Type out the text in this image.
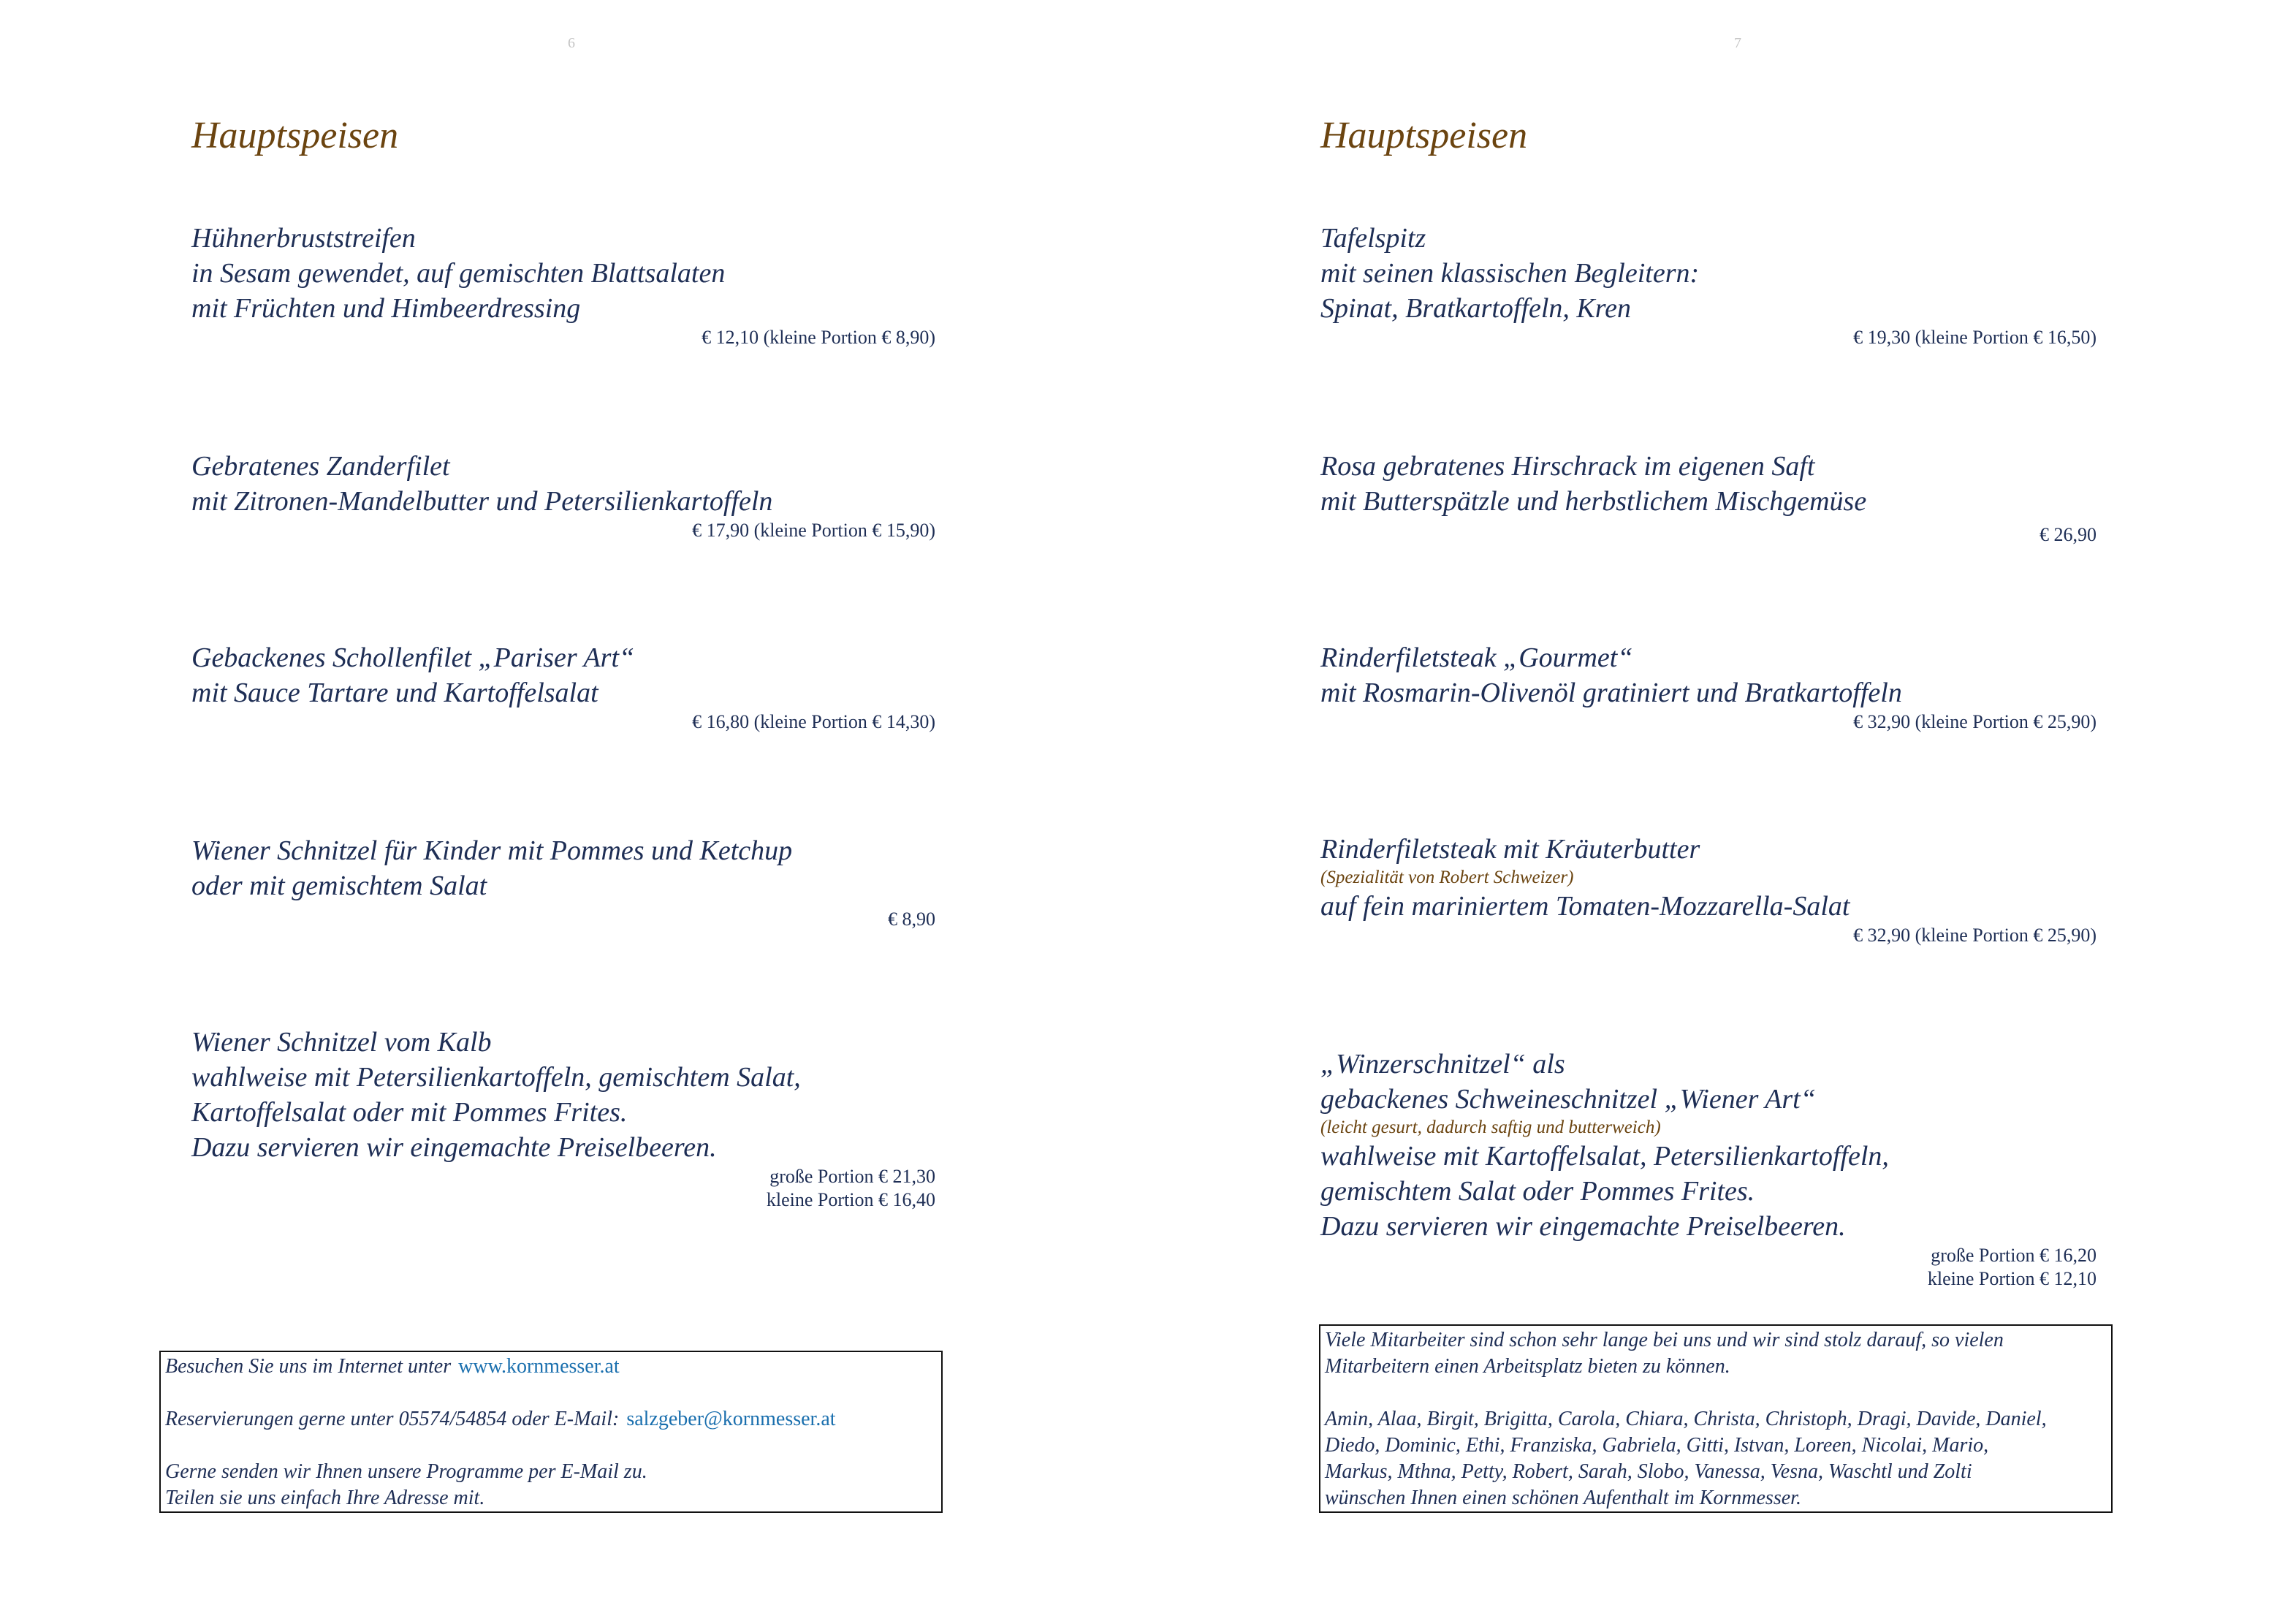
6
Hauptspeisen
Hühnerbruststreifen
in Sesam gewendet, auf gemischten Blattsalaten
mit Früchten und Himbeerdressing
€ 12,10 (kleine Portion € 8,90)
Gebratenes Zanderfilet
mit Zitronen-Mandelbutter und Petersilienkartoffeln
€ 17,90 (kleine Portion € 15,90)
Gebackenes Schollenfilet „Pariser Art“
mit Sauce Tartare und Kartoffelsalat
€ 16,80 (kleine Portion € 14,30)
Wiener Schnitzel für Kinder mit Pommes und Ketchup
oder mit gemischtem Salat
€ 8,90
Wiener Schnitzel vom Kalb
wahlweise mit Petersilienkartoffeln, gemischtem Salat,
Kartoffelsalat oder mit Pommes Frites.
Dazu servieren wir eingemachte Preiselbeeren.
große Portion € 21,30
kleine Portion € 16,40
Besuchen Sie uns im Internet unter www.kornmesser.at
Reservierungen gerne unter 05574/54854 oder E-Mail: salzgeber@kornmesser.at
Gerne senden wir Ihnen unsere Programme per E-Mail zu.
Teilen sie uns einfach Ihre Adresse mit.
7
Hauptspeisen
Tafelspitz
mit seinen klassischen Begleitern:
Spinat, Bratkartoffeln, Kren
€ 19,30 (kleine Portion € 16,50)
Rosa gebratenes Hirschrack im eigenen Saft
mit Butterspätzle und herbstlichem Mischgemüse
€ 26,90
Rinderfiletsteak „Gourmet“
mit Rosmarin-Olivenöl gratiniert und Bratkartoffeln
€ 32,90 (kleine Portion € 25,90)
Rinderfiletsteak mit Kräuterbutter
(Spezialität von Robert Schweizer)
auf fein mariniertem Tomaten-Mozzarella-Salat
€ 32,90 (kleine Portion € 25,90)
„Winzerschnitzel“ als
gebackenes Schweineschnitzel „Wiener Art“
(leicht gesurt, dadurch saftig und butterweich)
wahlweise mit Kartoffelsalat, Petersilienkartoffeln,
gemischtem Salat oder Pommes Frites.
Dazu servieren wir eingemachte Preiselbeeren.
große Portion € 16,20
kleine Portion € 12,10
Viele Mitarbeiter sind schon sehr lange bei uns und wir sind stolz darauf, so vielen
Mitarbeitern einen Arbeitsplatz bieten zu können.
Amin, Alaa, Birgit, Brigitta, Carola, Chiara, Christa, Christoph, Dragi, Davide, Daniel,
Diedo, Dominic, Ethi, Franziska, Gabriela, Gitti, Istvan, Loreen, Nicolai, Mario,
Markus, Mthna, Petty, Robert, Sarah, Slobo, Vanessa, Vesna, Waschtl und Zolti
wünschen Ihnen einen schönen Aufenthalt im Kornmesser.
